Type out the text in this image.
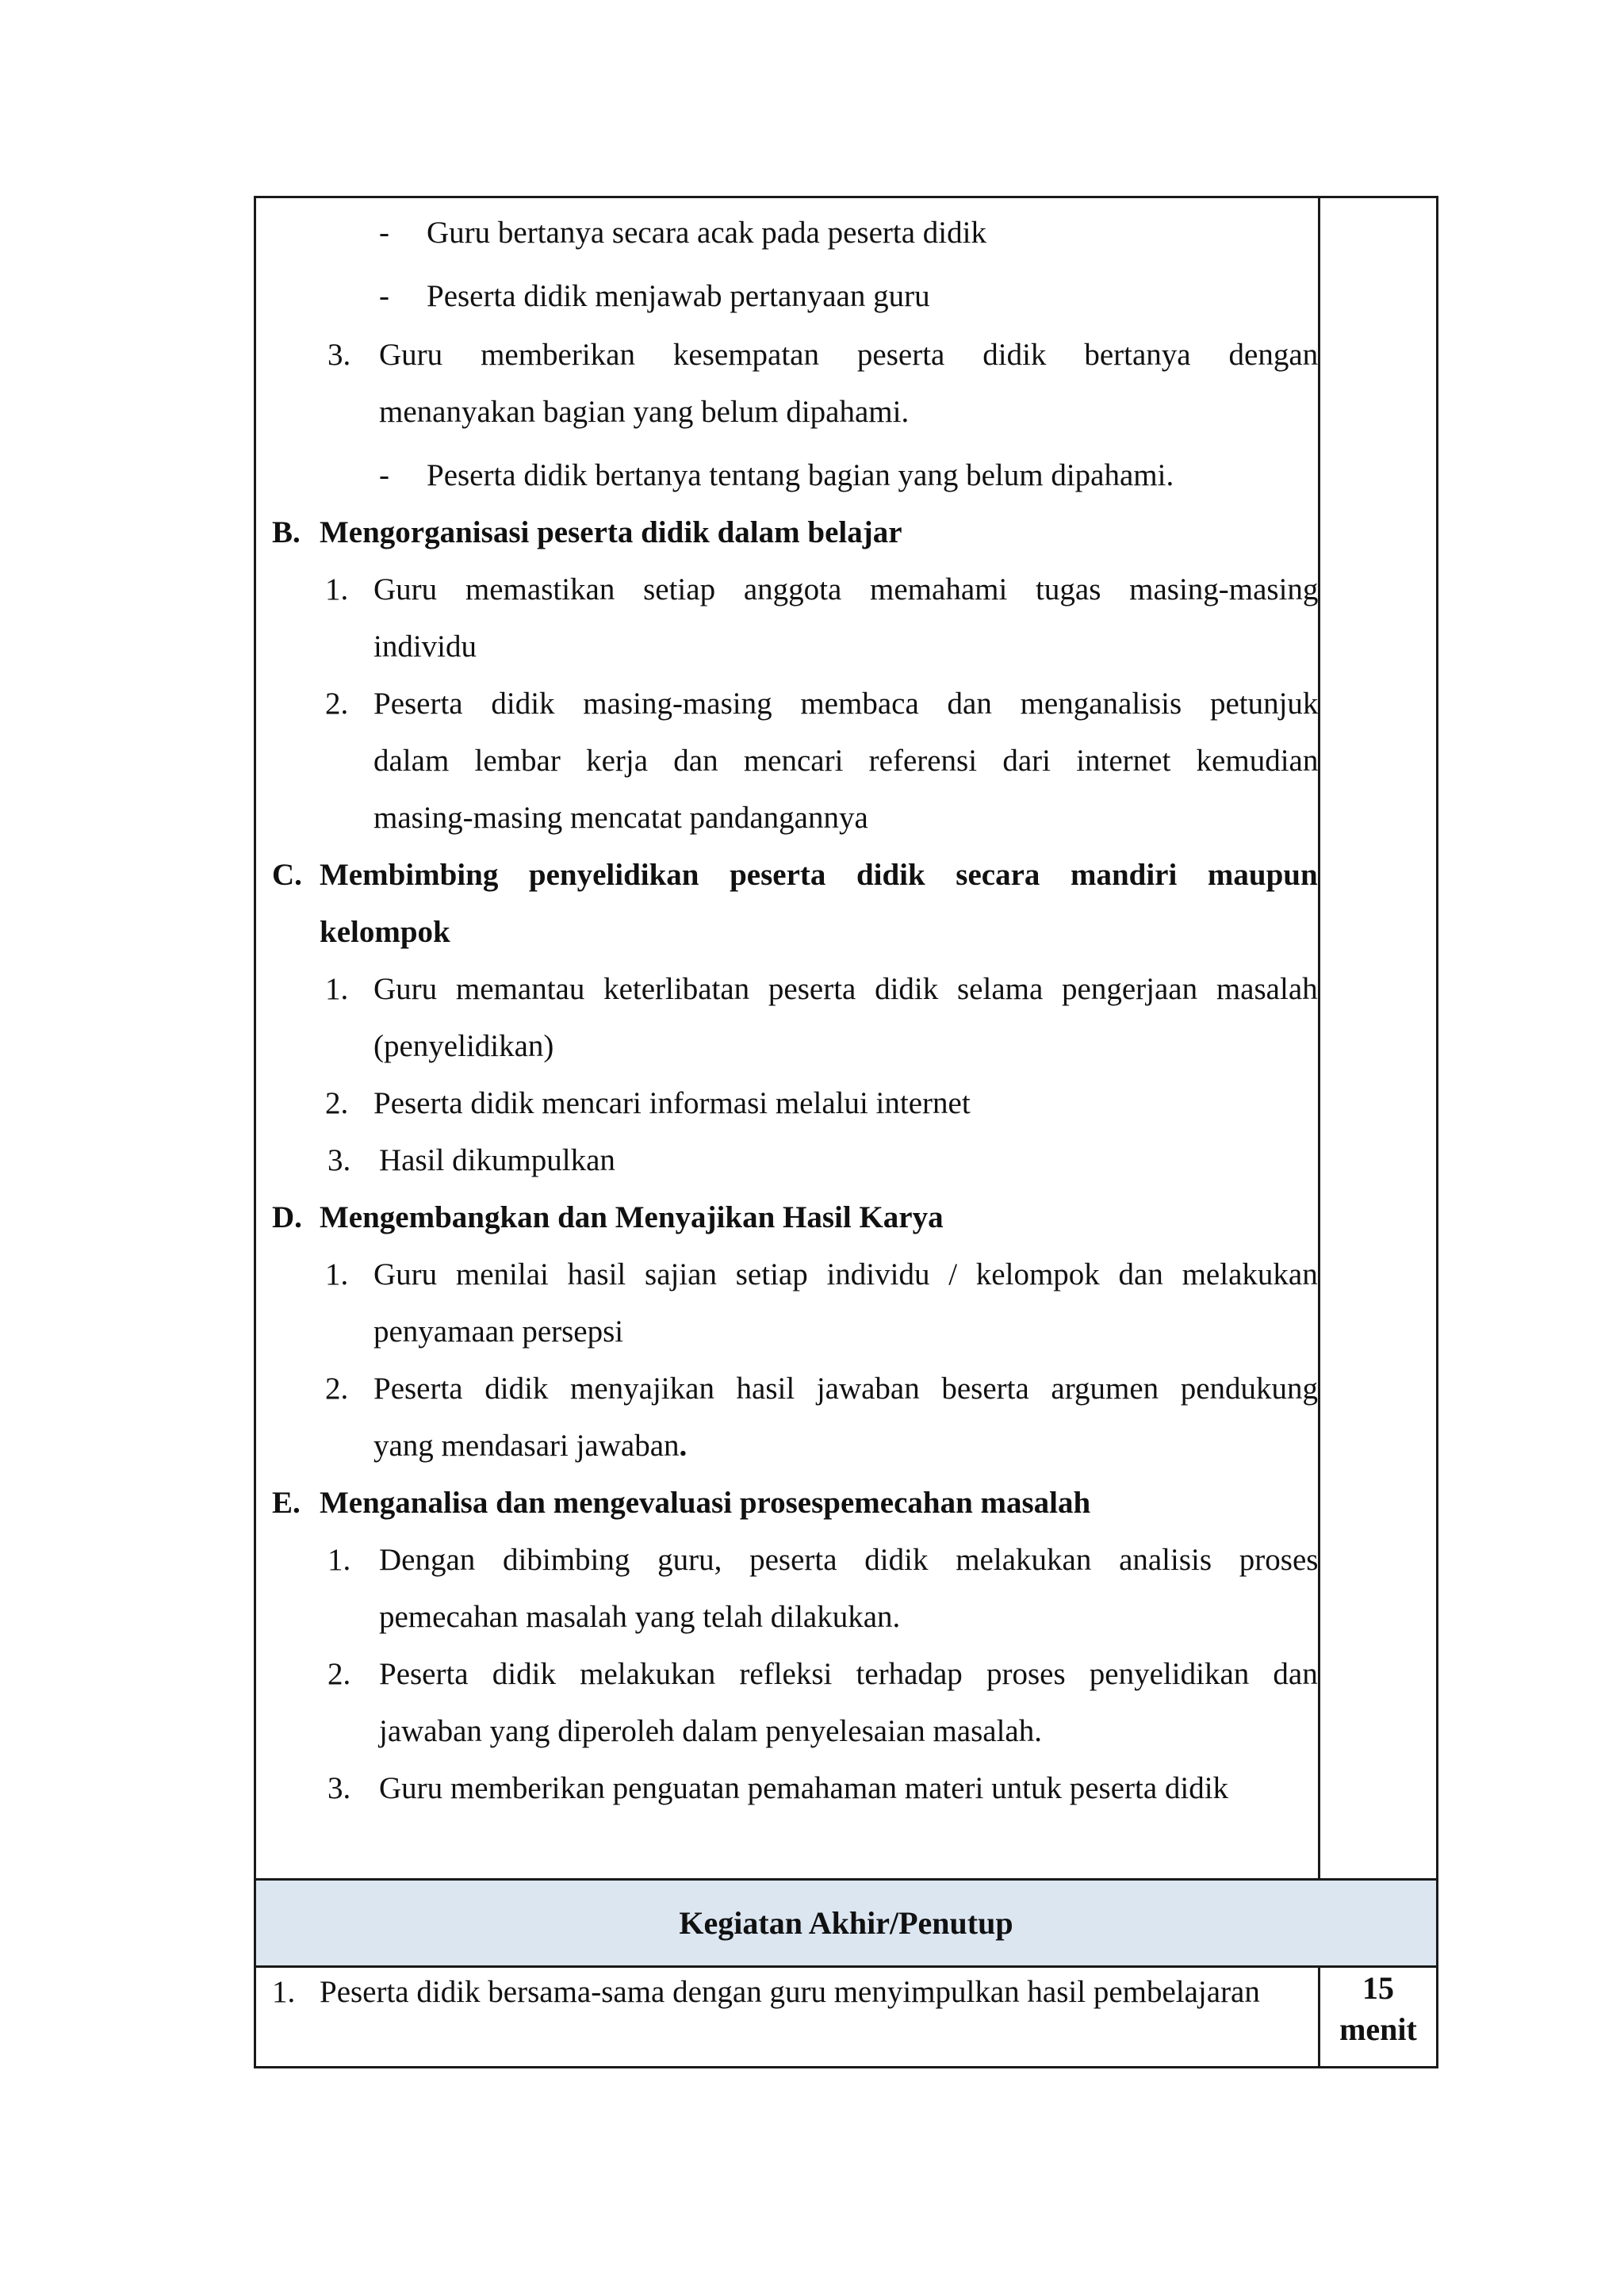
Kegiatan Akhir/Penutup
15
menit
- Guru bertanya secara acak pada peserta didik
- Peserta didik menjawab pertanyaan guru
3. Guru memberikan kesempatan peserta didik bertanya dengan
menanyakan bagian yang belum dipahami.
- Peserta didik bertanya tentang bagian yang belum dipahami.
B. Mengorganisasi peserta didik dalam belajar
1. Guru memastikan setiap anggota memahami tugas masing-masing
individu
2. Peserta didik masing-masing membaca dan menganalisis petunjuk
dalam lembar kerja dan mencari referensi dari internet kemudian
masing-masing mencatat pandangannya
C. Membimbing penyelidikan peserta didik secara mandiri maupun
kelompok
1. Guru memantau keterlibatan peserta didik selama pengerjaan masalah
(penyelidikan)
2. Peserta didik mencari informasi melalui internet
3. Hasil dikumpulkan
D. Mengembangkan dan Menyajikan Hasil Karya
1. Guru menilai hasil sajian setiap individu / kelompok dan melakukan
penyamaan persepsi
2. Peserta didik menyajikan hasil jawaban beserta argumen pendukung
yang mendasari jawaban.
E. Menganalisa dan mengevaluasi prosespemecahan masalah
1. Dengan dibimbing guru, peserta didik melakukan analisis proses
pemecahan masalah yang telah dilakukan.
2. Peserta didik melakukan refleksi terhadap proses penyelidikan dan
jawaban yang diperoleh dalam penyelesaian masalah.
3. Guru memberikan penguatan pemahaman materi untuk peserta didik
1. Peserta didik bersama-sama dengan guru menyimpulkan hasil pembelajaran
